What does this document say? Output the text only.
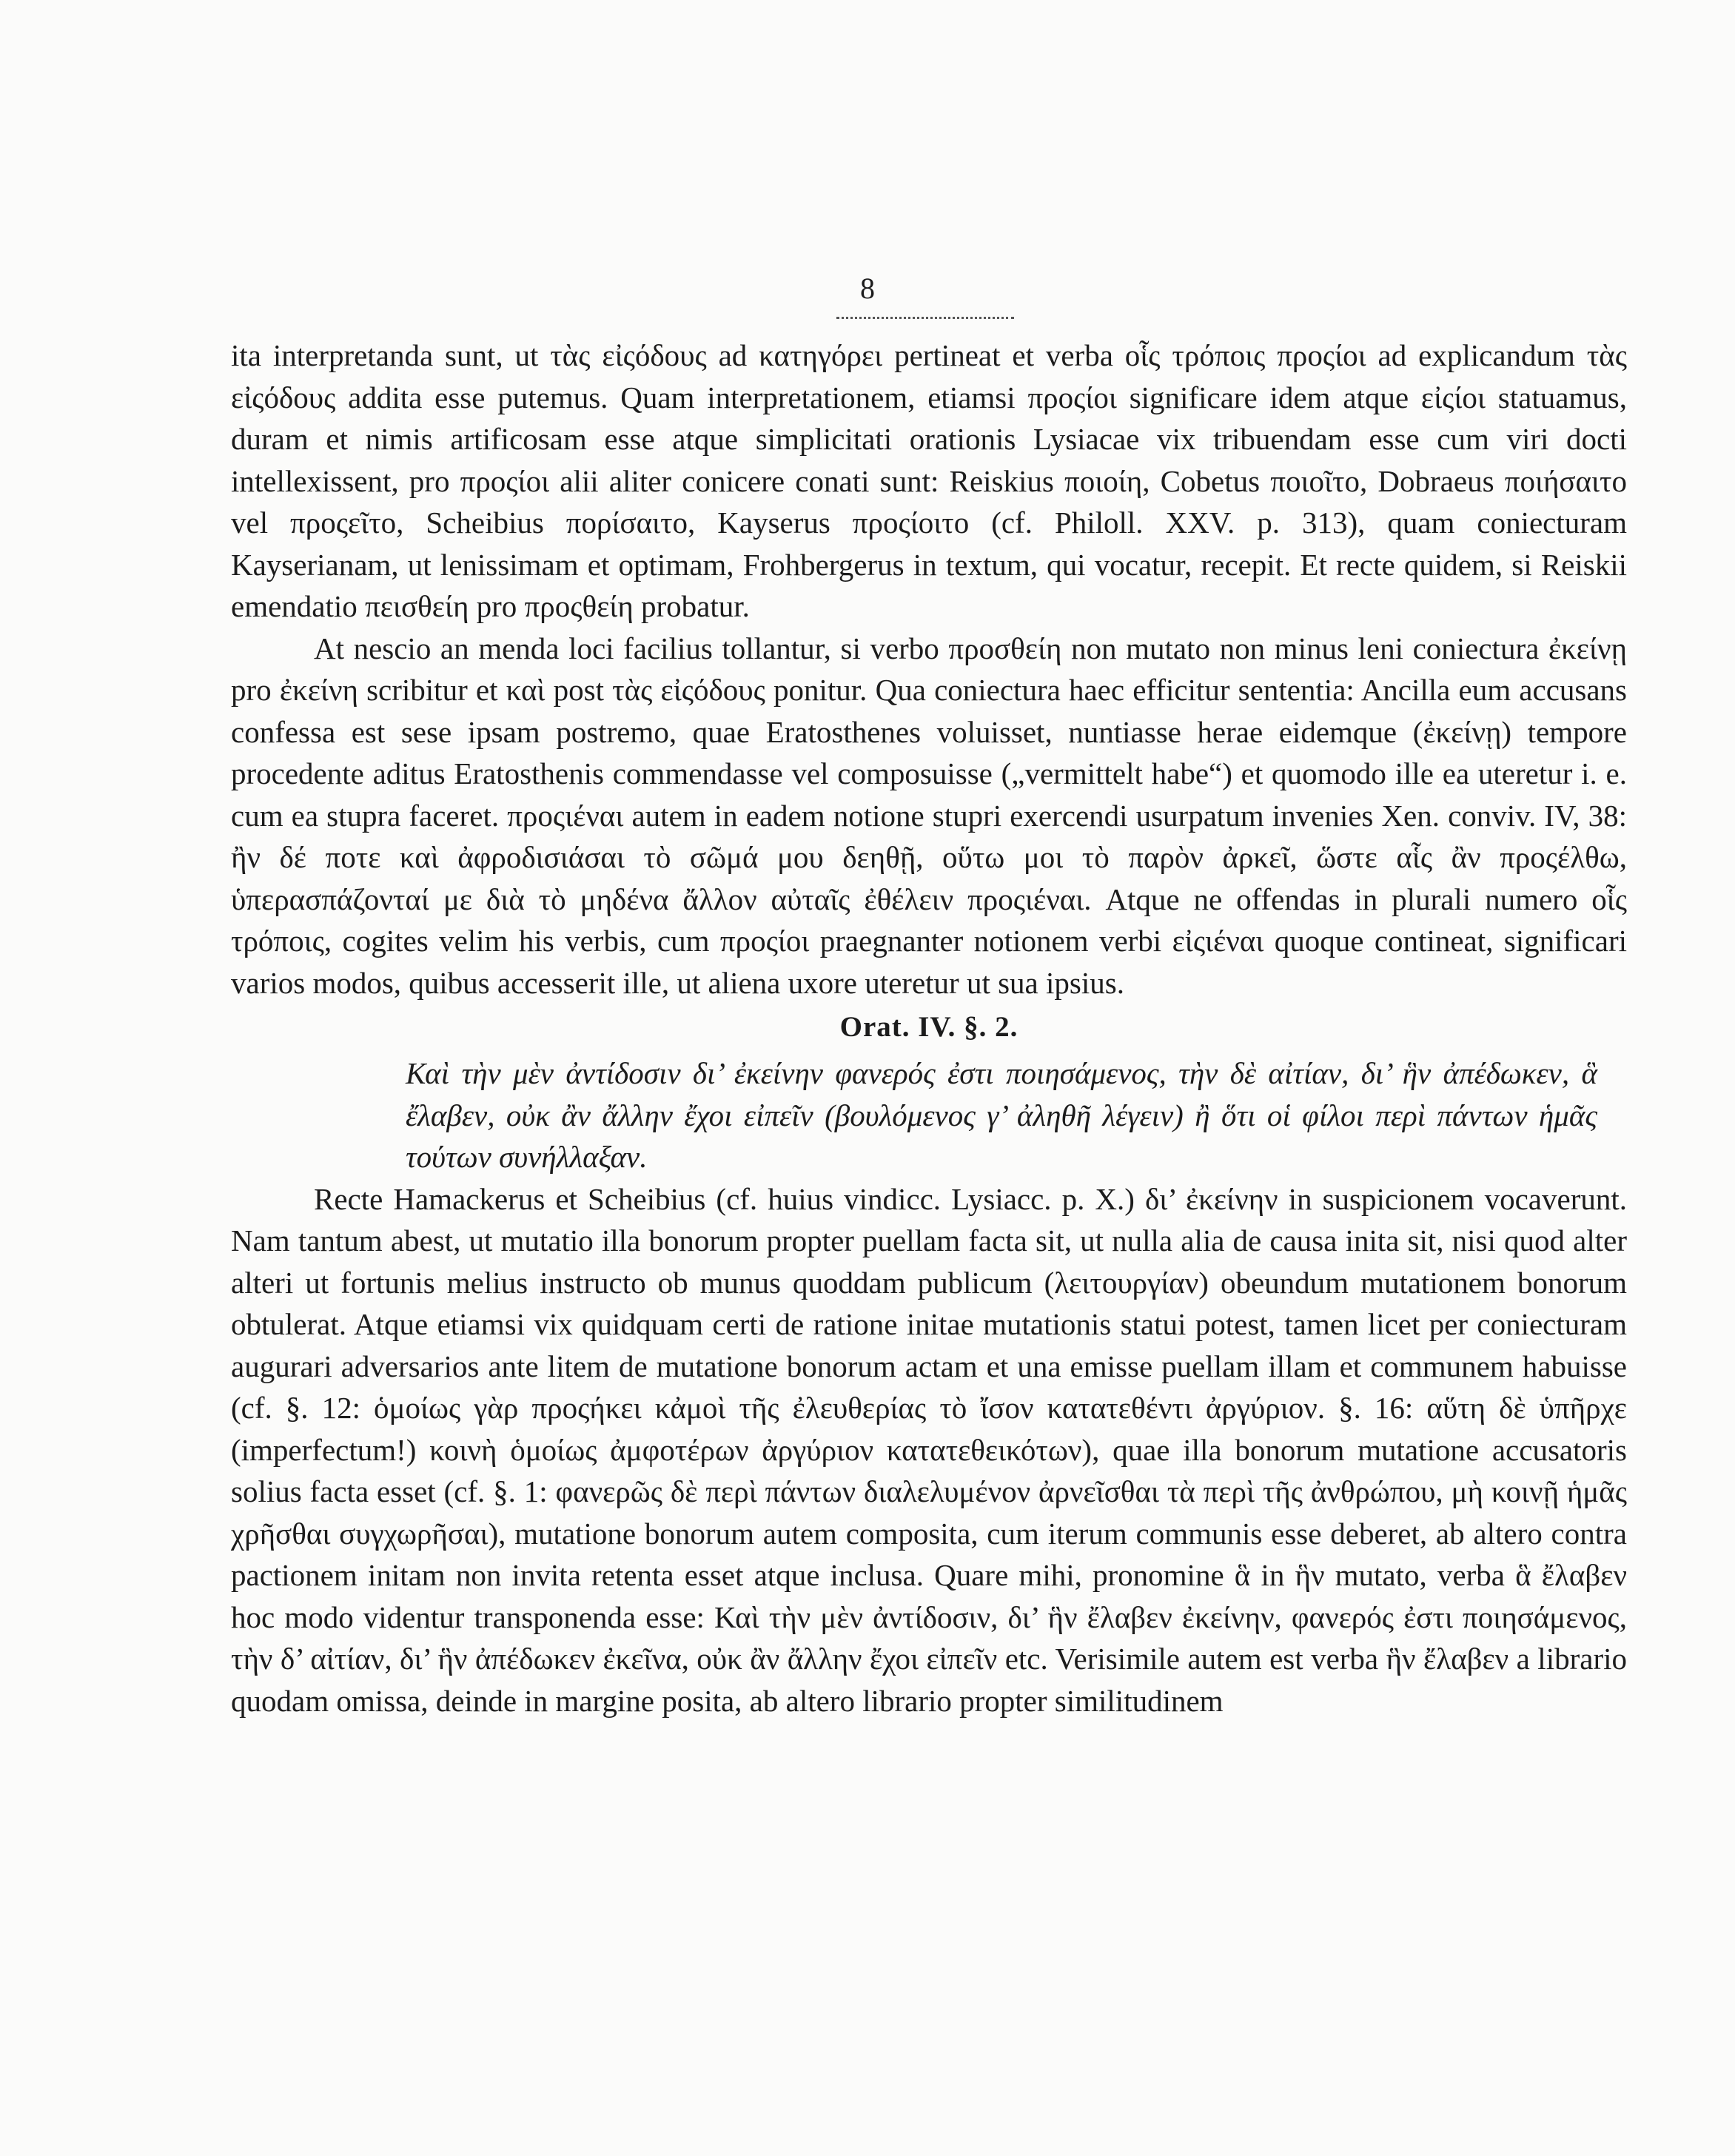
8

ita interpretanda sunt, ut τὰς εἰςόδους ad κατηγόρει pertineat et verba οἷς τρόποις προςίοι ad explicandum τὰς εἰςόδους addita esse putemus. Quam interpretationem, etiamsi προςίοι significare idem atque εἰςίοι statuamus, duram et nimis artificosam esse atque simplicitati orationis Lysiacae vix tribuendam esse cum viri docti intellexissent, pro προςίοι alii aliter conicere conati sunt: Reiskius ποιοίη, Cobetus ποιοῖτο, Dobraeus ποιήσαιτο vel προςεῖτο, Scheibius πορίσαιτο, Kayserus προςίοιτο (cf. Philoll. XXV. p. 313), quam coniecturam Kayserianam, ut lenissimam et optimam, Frohbergerus in textum, qui vocatur, recepit. Et recte quidem, si Reiskii emendatio πεισθείη pro προςθείη probatur.

At nescio an menda loci facilius tollantur, si verbo προσθείη non mutato non minus leni coniectura ἐκείνῃ pro ἐκείνη scribitur et καὶ post τὰς εἰςόδους ponitur. Qua coniectura haec efficitur sententia: Ancilla eum accusans confessa est sese ipsam postremo, quae Eratosthenes voluisset, nuntiasse herae eidemque (ἐκείνῃ) tempore procedente aditus Eratosthenis commendasse vel composuisse („vermittelt habe“) et quomodo ille ea uteretur i. e. cum ea stupra faceret. προςιέναι autem in eadem notione stupri exercendi usurpatum invenies Xen. conviv. IV, 38: ἢν δέ ποτε καὶ ἀφροδισιάσαι τὸ σῶμά μου δεηθῇ, οὕτω μοι τὸ παρὸν ἀρκεῖ, ὥστε αἷς ἂν προςέλθω, ὑπερασπάζονταί με διὰ τὸ μηδένα ἄλλον αὐταῖς ἐθέλειν προςιέναι. Atque ne offendas in plurali numero οἷς τρόποις, cogites velim his verbis, cum προςίοι praegnanter notionem verbi εἰςιέναι quoque contineat, significari varios modos, quibus accesserit ille, ut aliena uxore uteretur ut sua ipsius.

Orat. IV. §. 2.

Καὶ τὴν μὲν ἀντίδοσιν δι’ ἐκείνην φανερός ἐστι ποιησάμενος, τὴν δὲ αἰτίαν, δι’ ἣν ἀπέδωκεν, ἃ ἔλαβεν, οὐκ ἂν ἄλλην ἔχοι εἰπεῖν (βουλόμενος γ’ ἀληθῆ λέγειν) ἢ ὅτι οἱ φίλοι περὶ πάντων ἡμᾶς τούτων συνήλλαξαν.

Recte Hamackerus et Scheibius (cf. huius vindicc. Lysiacc. p. X.) δι’ ἐκείνην in suspicionem vocaverunt. Nam tantum abest, ut mutatio illa bonorum propter puellam facta sit, ut nulla alia de causa inita sit, nisi quod alter alteri ut fortunis melius instructo ob munus quoddam publicum (λειτουργίαν) obeundum mutationem bonorum obtulerat. Atque etiamsi vix quidquam certi de ratione initae mutationis statui potest, tamen licet per coniecturam augurari adversarios ante litem de mutatione bonorum actam et una emisse puellam illam et communem habuisse (cf. §. 12: ὁμοίως γὰρ προςήκει κἀμοὶ τῆς ἐλευθερίας τὸ ἴσον κατατεθέντι ἀργύριον. §. 16: αὕτη δὲ ὑπῆρχε (imperfectum!) κοινὴ ὁμοίως ἀμφοτέρων ἀργύριον κατατεθεικότων), quae illa bonorum mutatione accusatoris solius facta esset (cf. §. 1: φανερῶς δὲ περὶ πάντων διαλελυμένον ἀρνεῖσθαι τὰ περὶ τῆς ἀνθρώπου, μὴ κοινῇ ἡμᾶς χρῆσθαι συγχωρῆσαι), mutatione bonorum autem composita, cum iterum communis esse deberet, ab altero contra pactionem initam non invita retenta esset atque inclusa. Quare mihi, pronomine ἃ in ἣν mutato, verba ἃ ἔλαβεν hoc modo videntur transponenda esse: Καὶ τὴν μὲν ἀντίδοσιν, δι’ ἣν ἔλαβεν ἐκείνην, φανερός ἐστι ποιησάμενος, τὴν δ’ αἰτίαν, δι’ ἣν ἀπέδωκεν ἐκεῖνα, οὐκ ἂν ἄλλην ἔχοι εἰπεῖν etc. Verisimile autem est verba ἣν ἔλαβεν a librario quodam omissa, deinde in margine posita, ab altero librario propter similitudinem
